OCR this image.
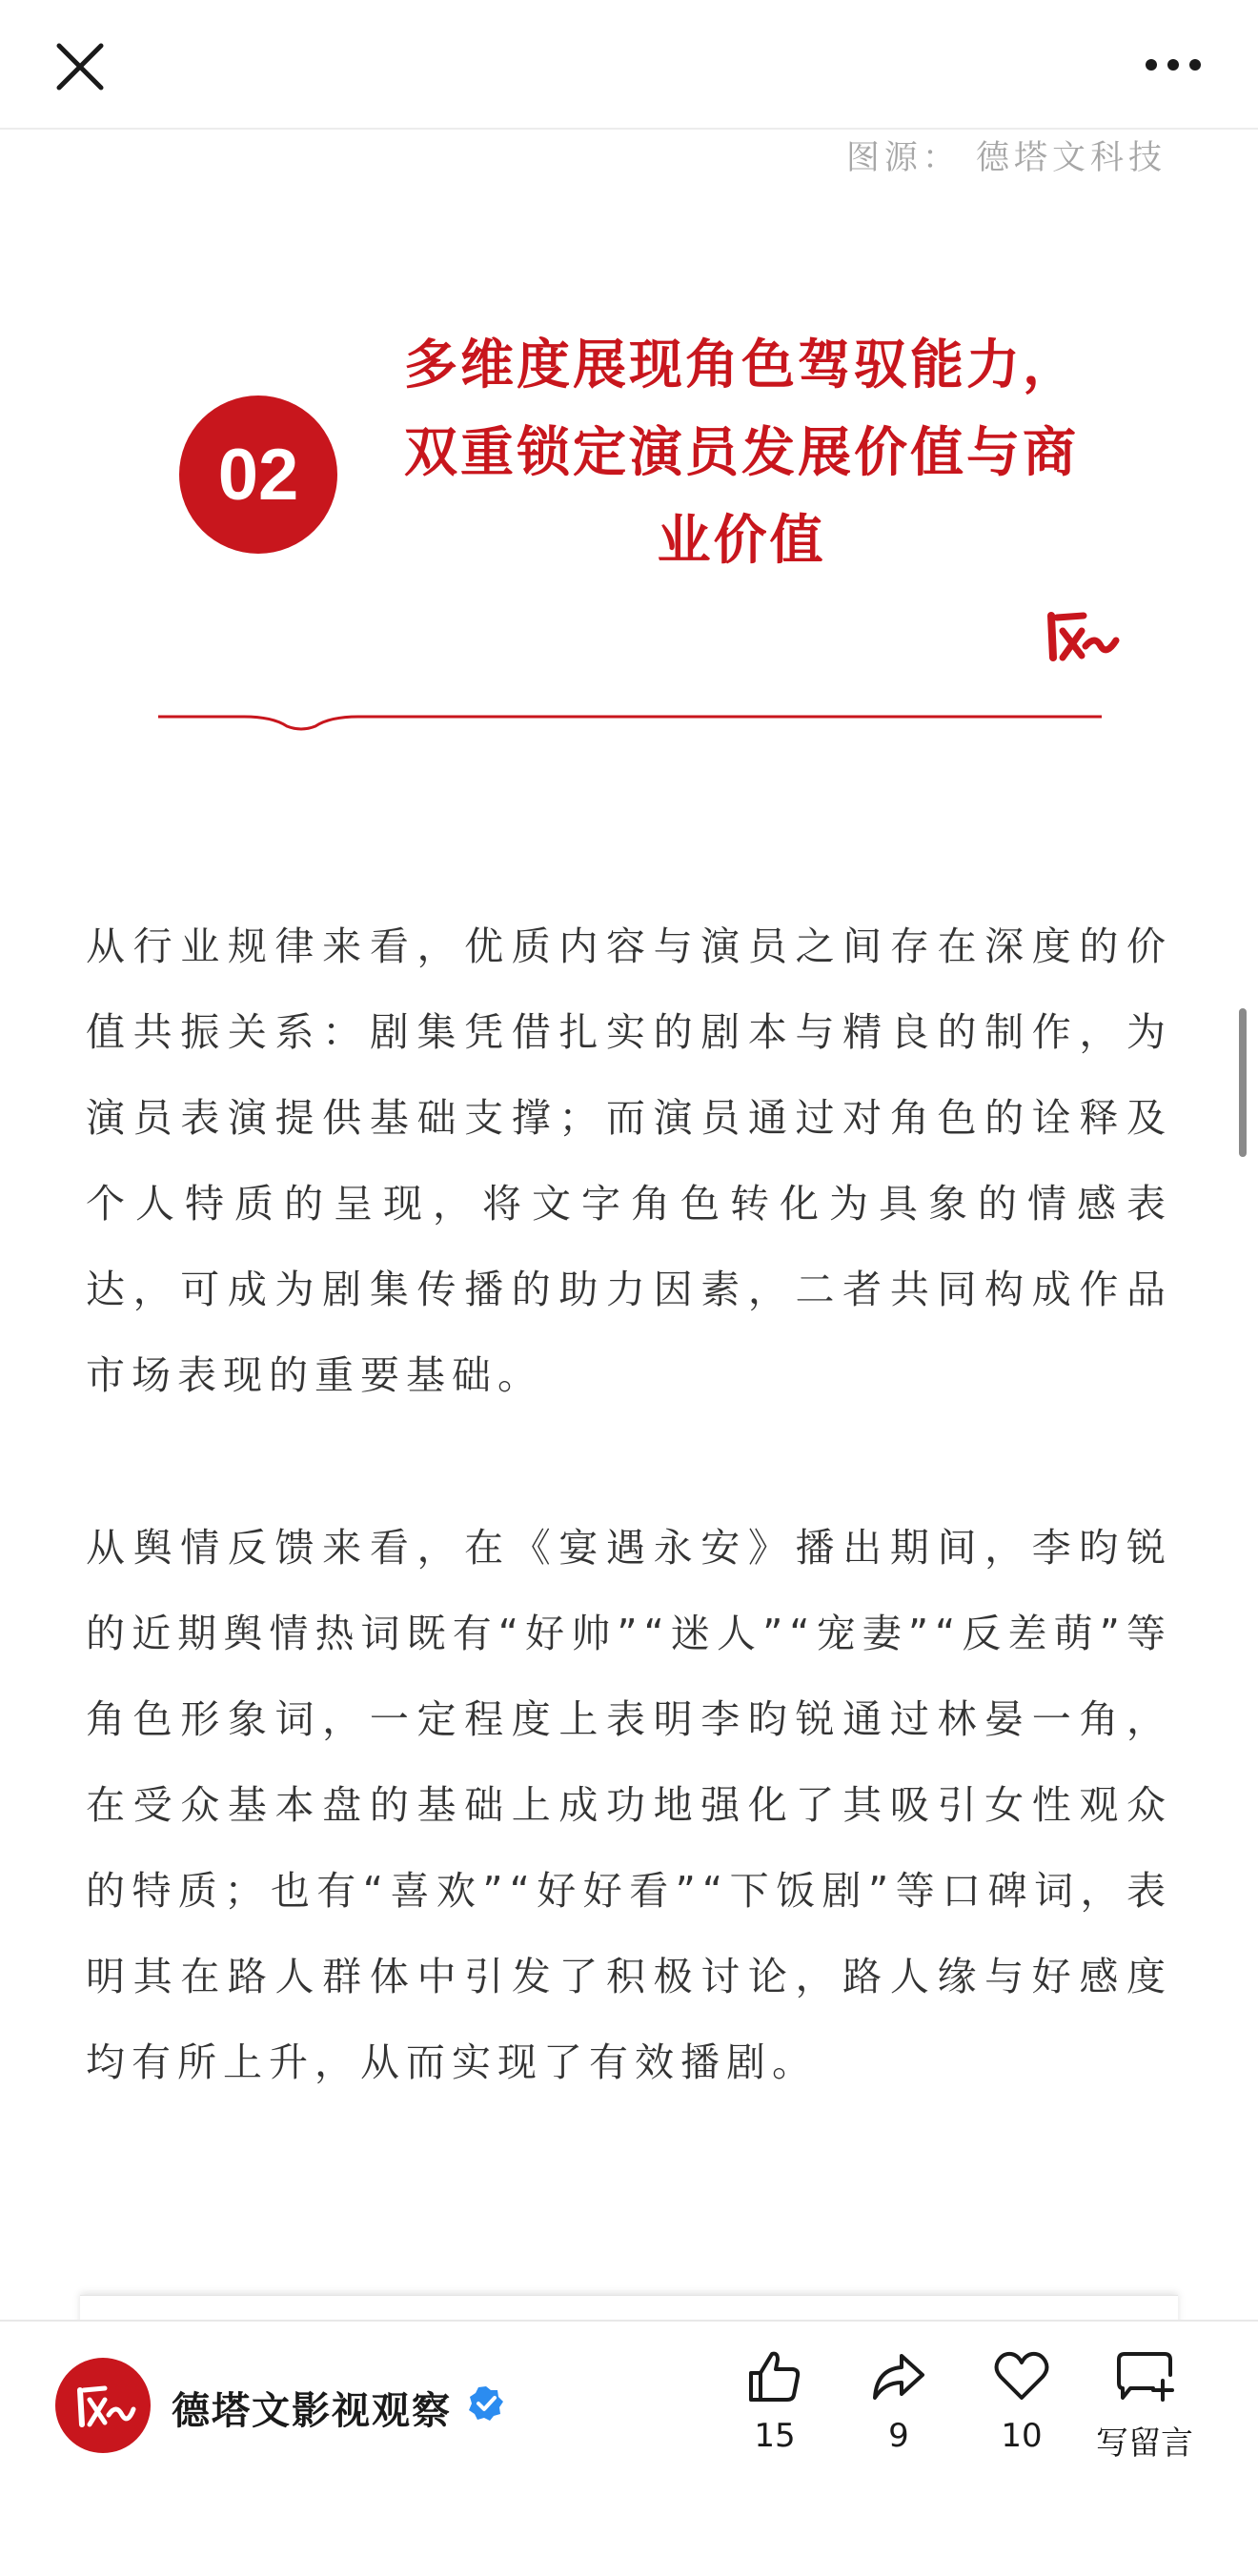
图源： 德塔文科技
02
多维度展现角色驾驭能力，
双重锁定演员发展价值与商
业价值

从行业规律来看，优质内容与演员之间存在深度的价值共振关系：剧集凭借扎实的剧本与精良的制作，为演员表演提供基础支撑；而演员通过对角色的诠释及个人特质的呈现，将文字角色转化为具象的情感表达，可成为剧集传播的助力因素，二者共同构成作品市场表现的重要基础。

从舆情反馈来看，在《宴遇永安》播出期间，李昀锐的近期舆情热词既有“好帅”“迷人”“宠妻”“反差萌”等角色形象词，一定程度上表明李昀锐通过林晏一角，在受众基本盘的基础上成功地强化了其吸引女性观众的特质；也有“喜欢”“好好看”“下饭剧”等口碑词，表明其在路人群体中引发了积极讨论，路人缘与好感度均有所上升，从而实现了有效播剧。

德塔文影视观察
15	9	10	写留言
